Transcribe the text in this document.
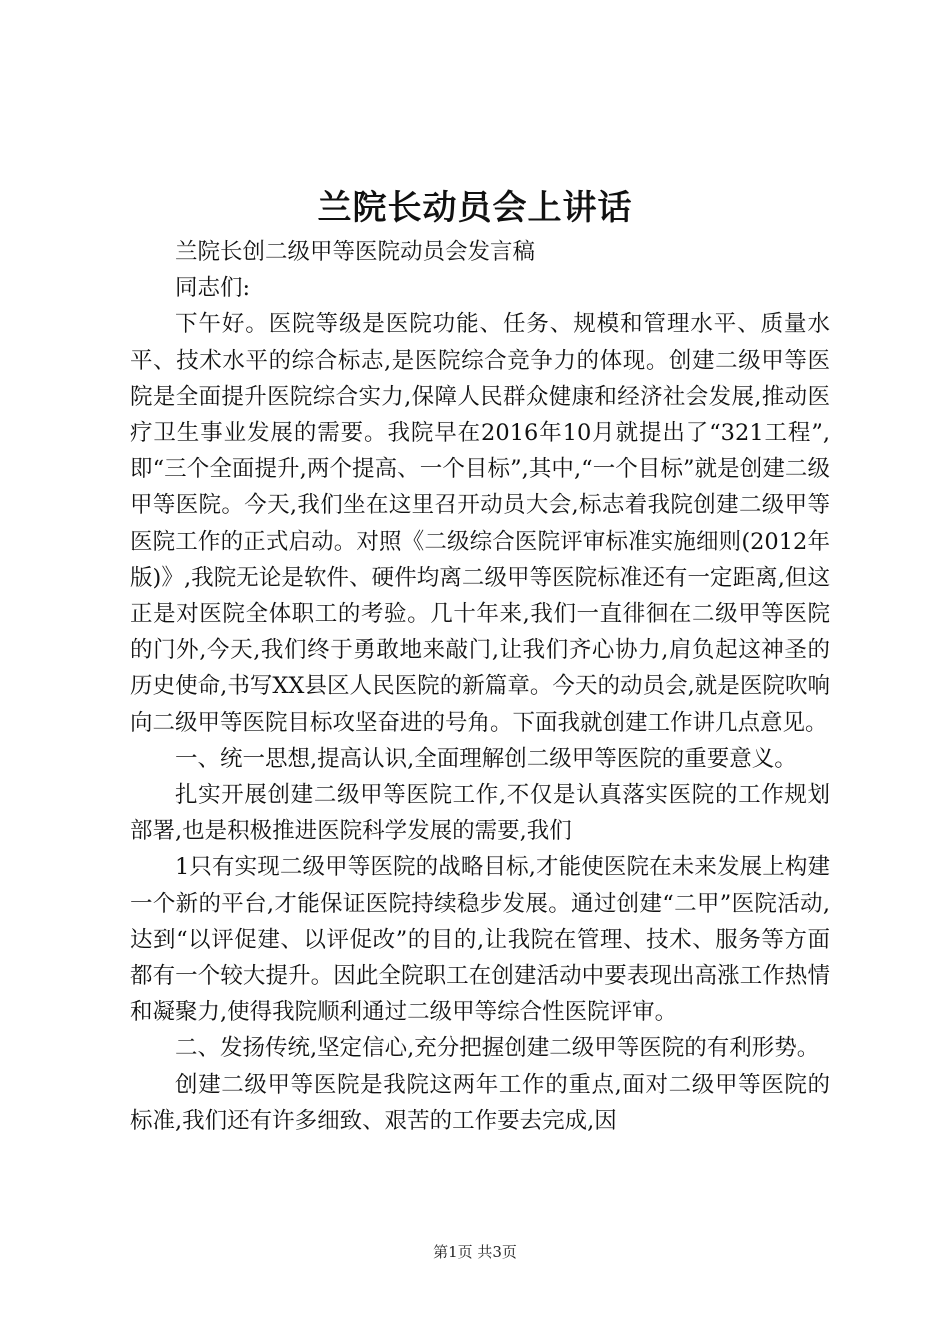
兰院长动员会上讲话

兰院长创二级甲等医院动员会发言稿

同志们:

下午好。医院等级是医院功能、任务、规模和管理水平、质量水平、技术水平的综合标志,是医院综合竞争力的体现。创建二级甲等医院是全面提升医院综合实力,保障人民群众健康和经济社会发展,推动医疗卫生事业发展的需要。我院早在2016年10月就提出了“321工程”,即“三个全面提升,两个提高、一个目标”,其中,“一个目标”就是创建二级甲等医院。今天,我们坐在这里召开动员大会,标志着我院创建二级甲等医院工作的正式启动。对照《二级综合医院评审标准实施细则(2012年版)》,我院无论是软件、硬件均离二级甲等医院标准还有一定距离,但这正是对医院全体职工的考验。几十年来,我们一直徘徊在二级甲等医院的门外,今天,我们终于勇敢地来敲门,让我们齐心协力,肩负起这神圣的历史使命,书写XX县区人民医院的新篇章。今天的动员会,就是医院吹响向二级甲等医院目标攻坚奋进的号角。下面我就创建工作讲几点意见。

一、统一思想,提高认识,全面理解创二级甲等医院的重要意义。

扎实开展创建二级甲等医院工作,不仅是认真落实医院的工作规划部署,也是积极推进医院科学发展的需要,我们

1只有实现二级甲等医院的战略目标,才能使医院在未来发展上构建一个新的平台,才能保证医院持续稳步发展。通过创建“二甲”医院活动,达到“以评促建、以评促改”的目的,让我院在管理、技术、服务等方面都有一个较大提升。因此全院职工在创建活动中要表现出高涨工作热情和凝聚力,使得我院顺利通过二级甲等综合性医院评审。

二、发扬传统,坚定信心,充分把握创建二级甲等医院的有利形势。

创建二级甲等医院是我院这两年工作的重点,面对二级甲等医院的标准,我们还有许多细致、艰苦的工作要去完成,因

第1页 共3页
